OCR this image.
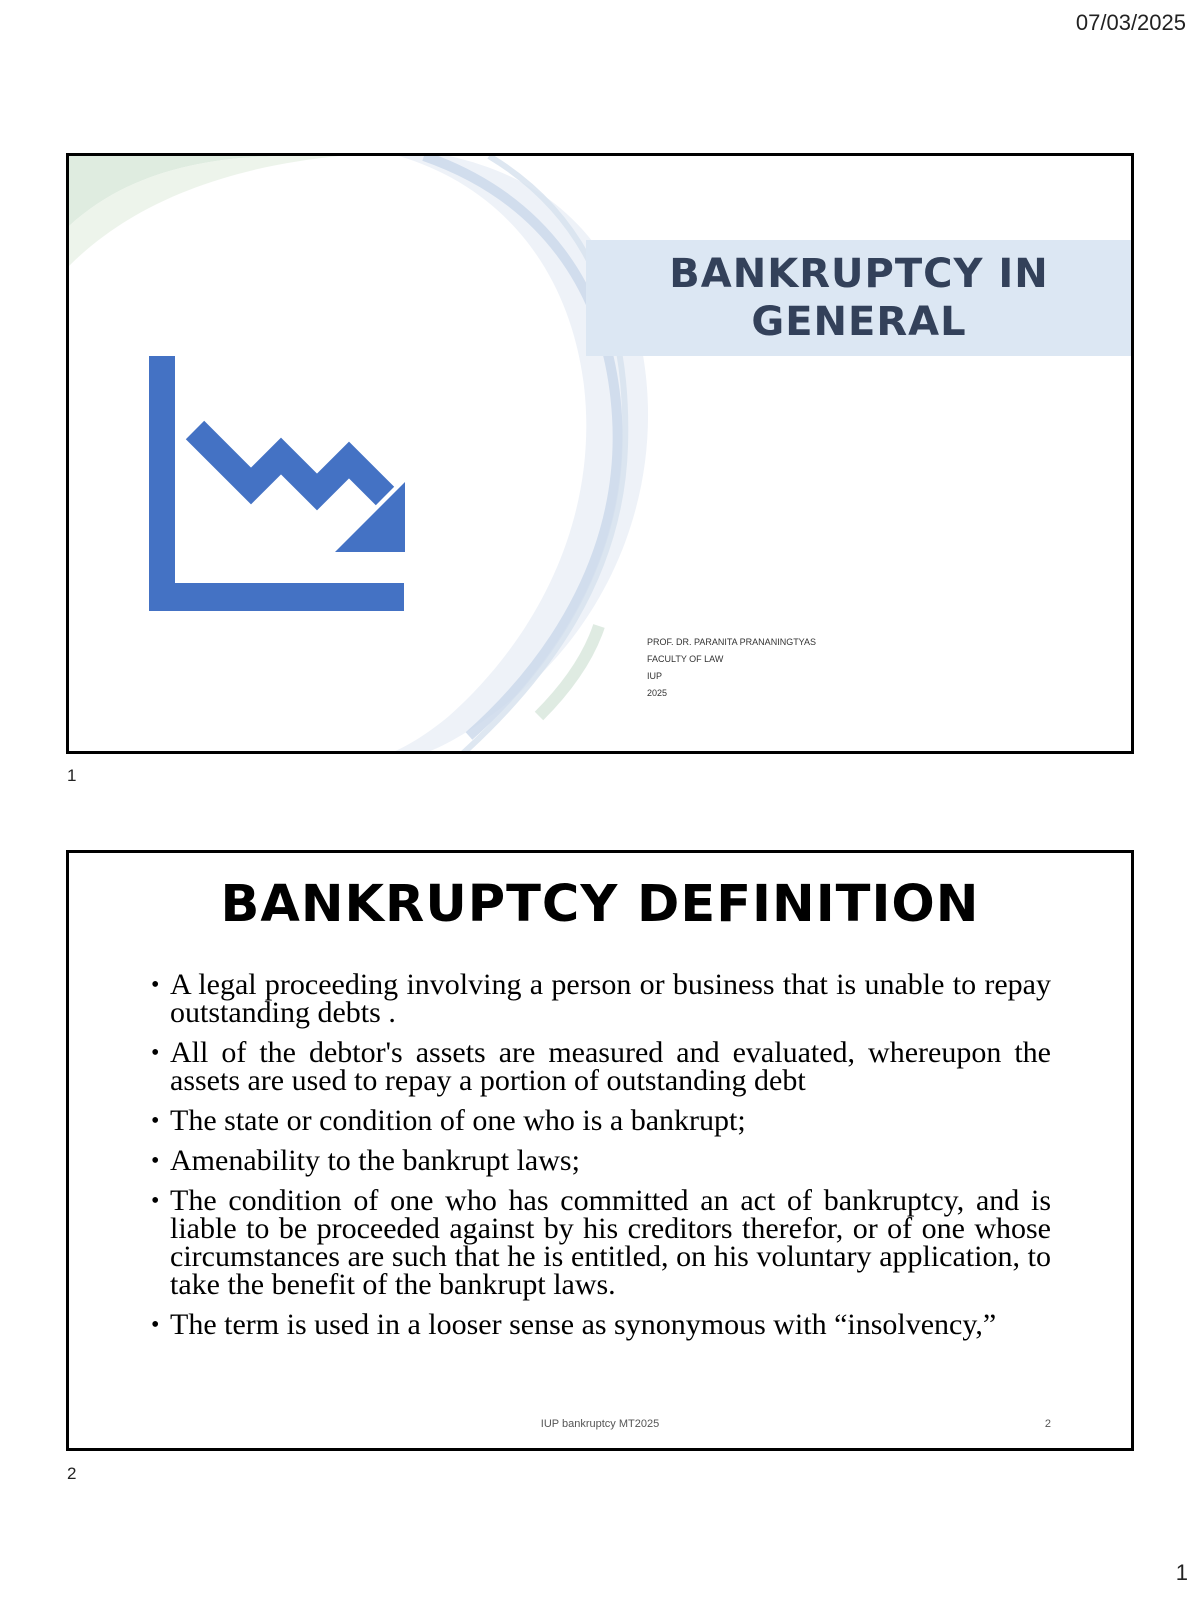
07/03/2025
BANKRUPTCY IN GENERAL
PROF. DR. PARANITA PRANANINGTYAS
FACULTY OF LAW
IUP
2025
1
BANKRUPTCY DEFINITION
• A legal proceeding involving a person or business that is unable to repay outstanding debts .
• All of the debtor's assets are measured and evaluated, whereupon the assets are used to repay a portion of outstanding debt
• The state or condition of one who is a bankrupt;
• Amenability to the bankrupt laws;
• The condition of one who has committed an act of bankruptcy, and is liable to be proceeded against by his creditors therefor, or of one whose circumstances are such that he is entitled, on his voluntary application, to take the benefit of the bankrupt laws.
• The term is used in a looser sense as synonymous with “insolvency,”
IUP bankruptcy MT2025	2
2
1
